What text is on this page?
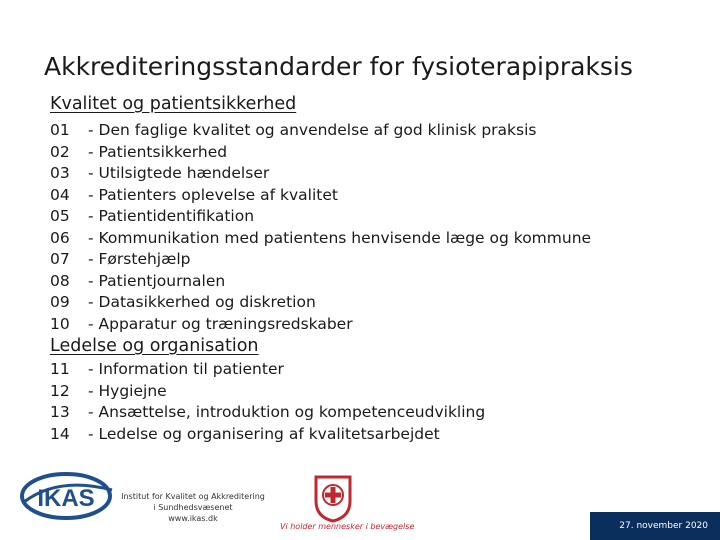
Akkrediteringsstandarder for fysioterapipraksis
Kvalitet og patientsikkerhed
01 - Den faglige kvalitet og anvendelse af god klinisk praksis
02 - Patientsikkerhed
03 - Utilsigtede hændelser
04 - Patienters oplevelse af kvalitet
05 - Patientidentifikation
06 - Kommunikation med patientens henvisende læge og kommune
07 - Førstehjælp
08 - Patientjournalen
09 - Datasikkerhed og diskretion
10 - Apparatur og træningsredskaber
Ledelse og organisation
11 - Information til patienter
12 - Hygiejne
13 - Ansættelse, introduktion og kompetenceudvikling
14 - Ledelse og organisering af kvalitetsarbejdet
IKAS	Institut for Kvalitet og Akkreditering
i Sundhedsvæsenet
www.ikas.dk
Vi holder mennesker i bevægelse	27. november 2020
